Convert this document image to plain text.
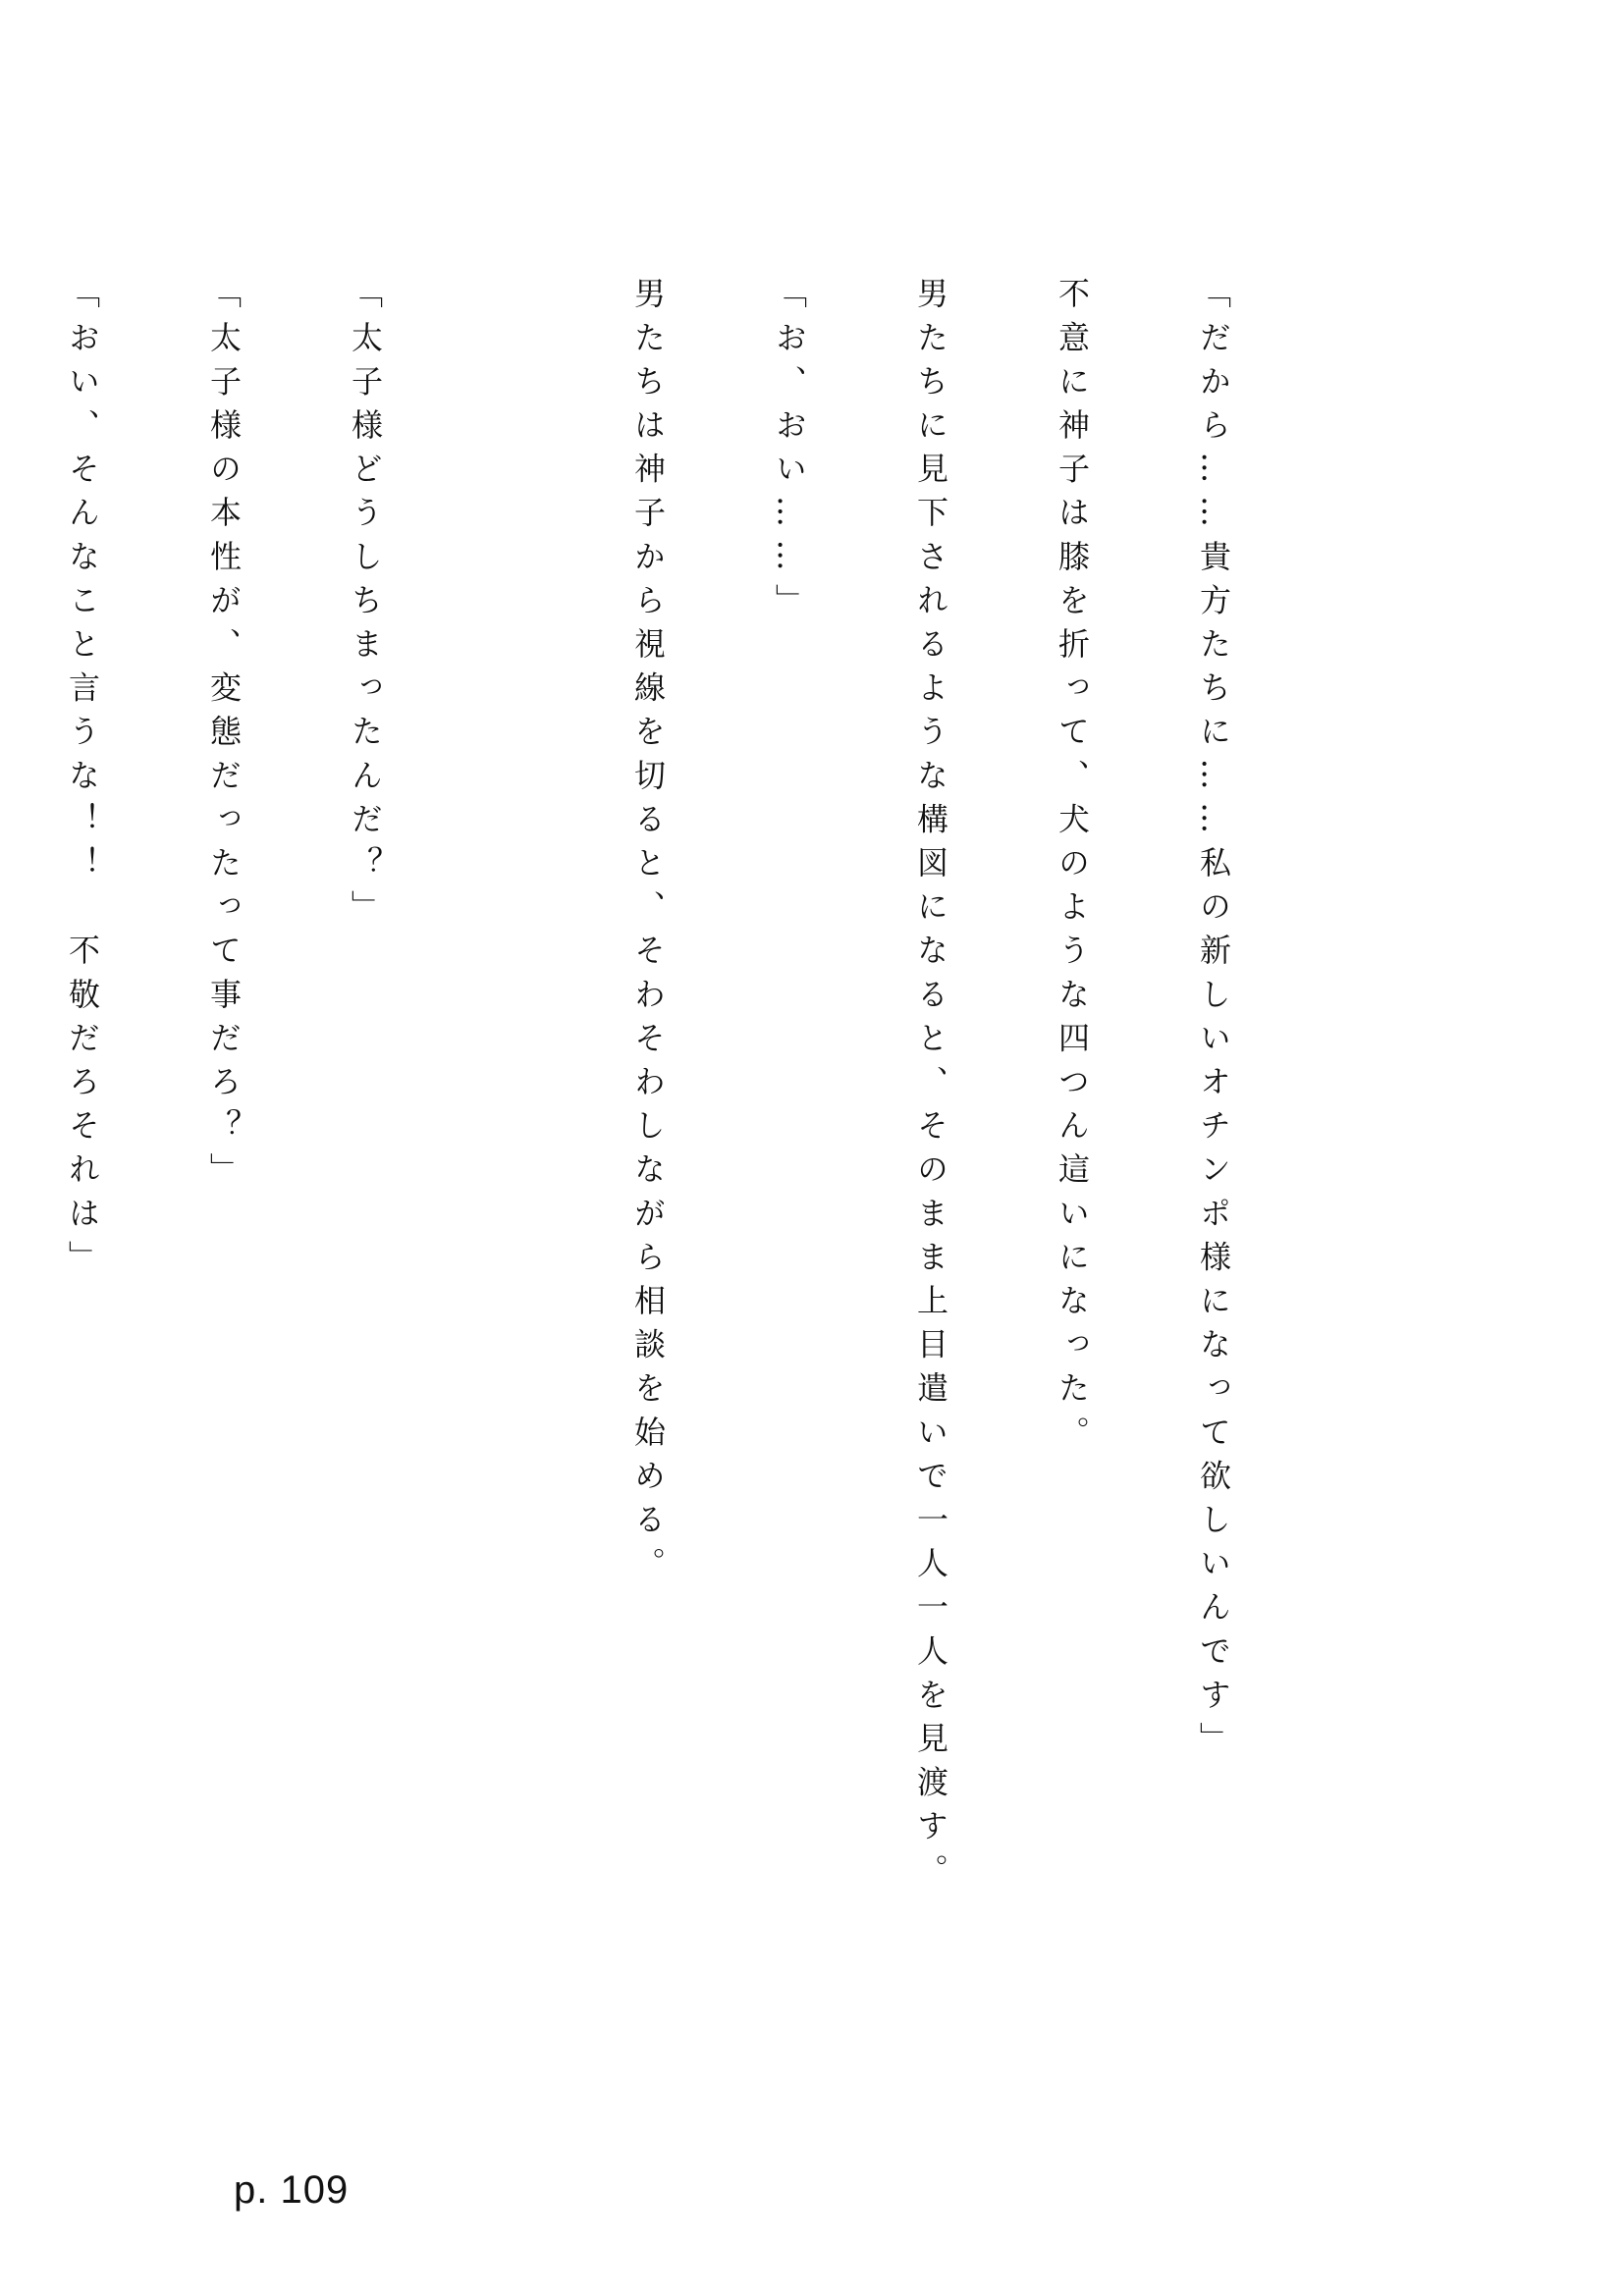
「だから……貴方たちに……私の新しいオチンポ様になって欲しいんです」

不意に神子は膝を折って、犬のような四つん這いになった。

男たちに見下されるような構図になると、そのまま上目遣いで一人一人を見渡す。

「お、おい……」

男たちは神子から視線を切ると、そわそわしながら相談を始める。

「太子様どうしちまったんだ？」

「太子様の本性が、変態だったって事だろ？」

「おい、そんなこと言うな！！　不敬だろそれは」

p. 109
